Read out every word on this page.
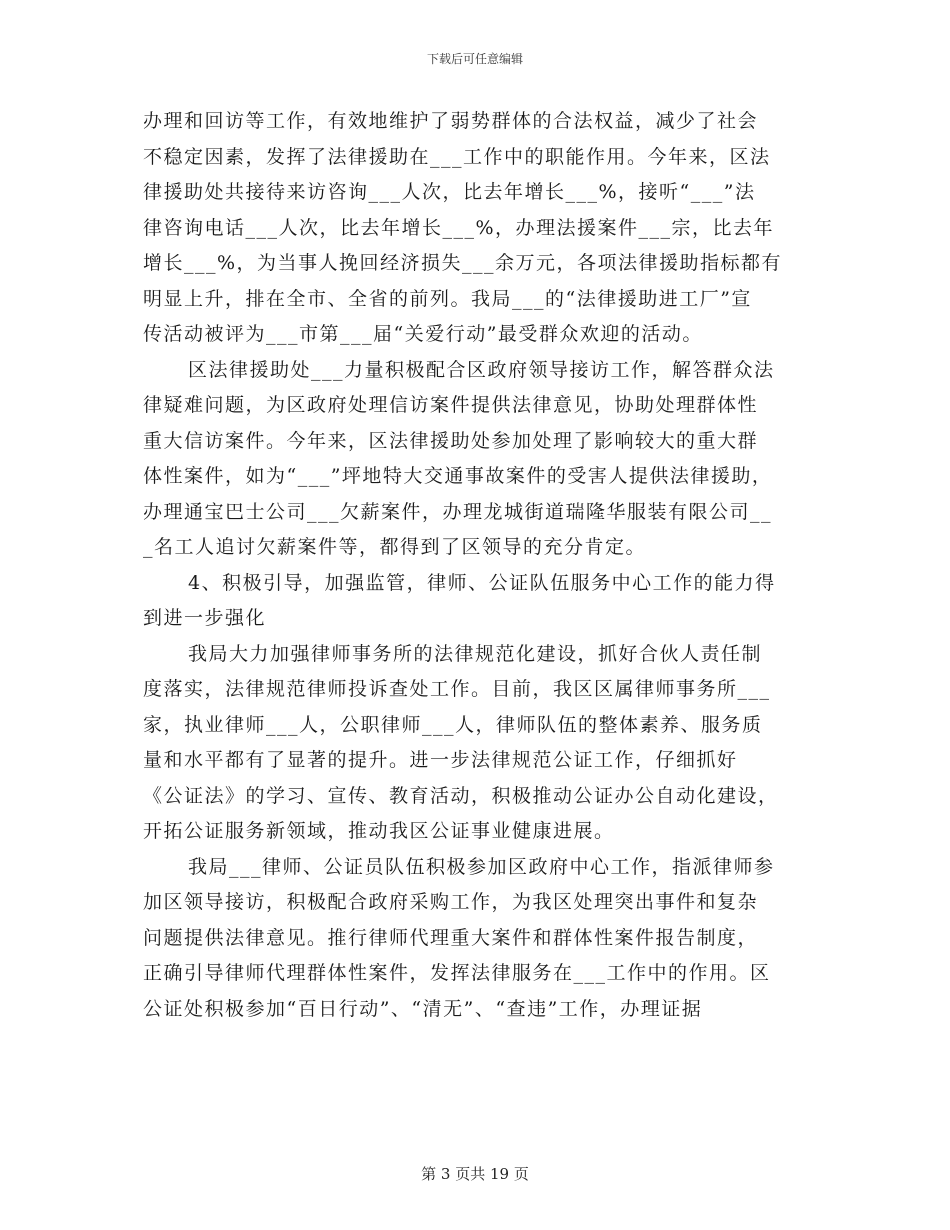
下载后可任意编辑
办理和回访等工作，有效地维护了弱势群体的合法权益，减少了社会
不稳定因素，发挥了法律援助在___工作中的职能作用。今年来，区法
律援助处共接待来访咨询___人次，比去年增长___%，接听“___”法
律咨询电话___人次，比去年增长___%，办理法援案件___宗，比去年
增长___%，为当事人挽回经济损失___余万元，各项法律援助指标都有
明显上升，排在全市、全省的前列。我局___的“法律援助进工厂”宣
传活动被评为___市第___届“关爱行动”最受群众欢迎的活动。
区法律援助处___力量积极配合区政府领导接访工作，解答群众法
律疑难问题，为区政府处理信访案件提供法律意见，协助处理群体性
重大信访案件。今年来，区法律援助处参加处理了影响较大的重大群
体性案件，如为“___”坪地特大交通事故案件的受害人提供法律援助，
办理通宝巴士公司___欠薪案件，办理龙城街道瑞隆华服装有限公司__
_名工人追讨欠薪案件等，都得到了区领导的充分肯定。
4、积极引导，加强监管，律师、公证队伍服务中心工作的能力得
到进一步强化
我局大力加强律师事务所的法律规范化建设，抓好合伙人责任制
度落实，法律规范律师投诉查处工作。目前，我区区属律师事务所___
家，执业律师___人，公职律师___人，律师队伍的整体素养、服务质
量和水平都有了显著的提升。进一步法律规范公证工作，仔细抓好
《公证法》的学习、宣传、教育活动，积极推动公证办公自动化建设，
开拓公证服务新领域，推动我区公证事业健康进展。
我局___律师、公证员队伍积极参加区政府中心工作，指派律师参
加区领导接访，积极配合政府采购工作，为我区处理突出事件和复杂
问题提供法律意见。推行律师代理重大案件和群体性案件报告制度，
正确引导律师代理群体性案件，发挥法律服务在___工作中的作用。区
公证处积极参加“百日行动”、“清无”、“查违”工作，办理证据
第 3 页共 19 页
